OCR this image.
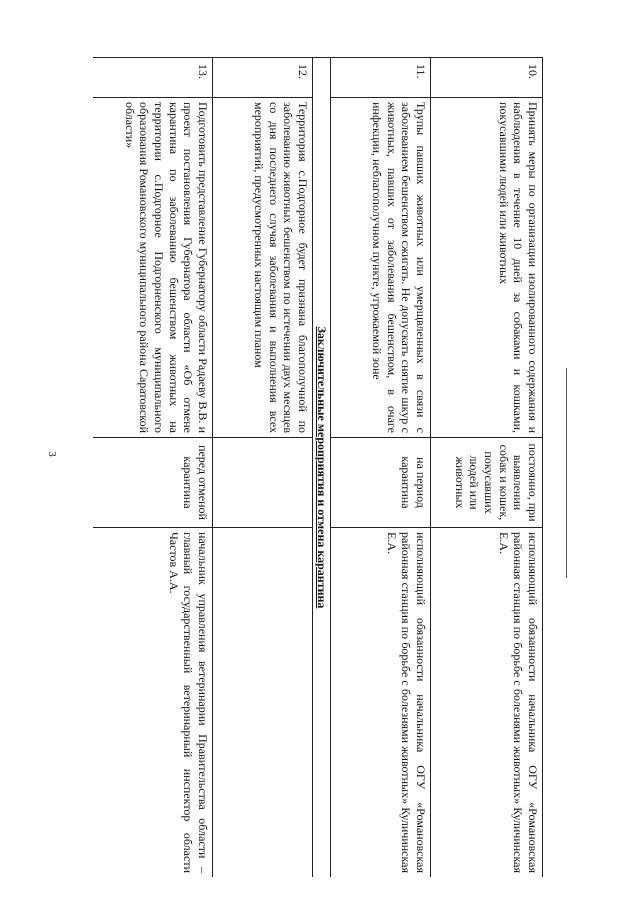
3
10.	Принять меры по организации изолированного содержания и наблюдения в течение 10 дней за собаками и кошками, покусавшими людей или животных	постоянно, при выявлении собак и кошек, покусавших людей или животных	исполняющий обязанности начальника ОГУ «Романовская районная станция по борьбе с болезнями животных» Куличинская Е.А.
11.	Трупы павших животных или умерщвленных в связи с заболеванием бешенством сжигать. Не допускать снятие шкур с животных, павших от заболевания бешенством, в очаге инфекции, неблагополучном пункте, угрожаемой зоне	на период карантина	исполняющий обязанности начальника ОГУ «Романовская районная станция по борьбе с болезнями животных» Куличинская Е.А.
Заключительные мероприятия и отмена карантина			
12.	Территория с.Подгорное будет признана благополучной по заболеванию животных бешенством по истечении двух месяцев со дня последнего случая заболевания и выполнения всех мероприятий, предусмотренных настоящим планом		
13.	Подготовить представление Губернатору области Радаеву В.В. и проект постановления Губернатора области «Об отмене карантина по заболеванию бешенством животных на территории с.Подгорное Подгорненского муниципального образования Романовского муниципального района Саратовской области»	перед отменой карантина	начальник управления ветеринарии Правительства области – главный государственный ветеринарный инспектор области Частов А.А.
